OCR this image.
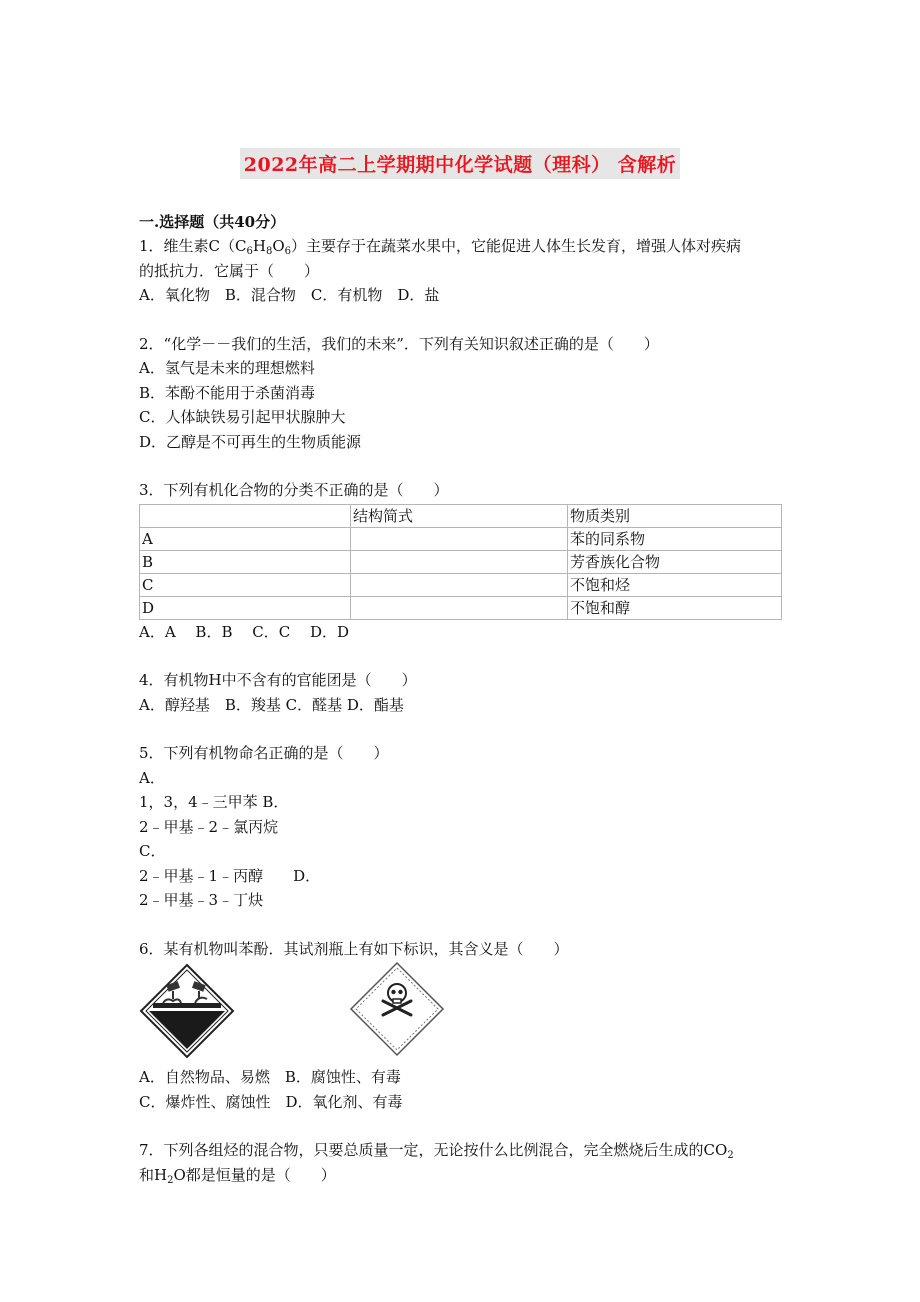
2022年高二上学期期中化学试题（理科） 含解析
一.选择题（共40分）
1．维生素$C(C_6H_8O_6)$主要存于在蔬菜水果中，它能促进人体生长发育，增强人体对疾病
的抵抗力．它属于（　　）
A．氧化物　B．混合物　C．有机物　D．盐
2．“化学－－我们的生活，我们的未来”．下列有关知识叙述正确的是（　　）
A．氢气是未来的理想燃料
B．苯酚不能用于杀菌消毒
C．人体缺铁易引起甲状腺肿大
D．乙醇是不可再生的生物质能源
3．下列有机化合物的分类不正确的是（　　）
	结构简式	物质类别
A		苯的同系物
B		芳香族化合物
C		不饱和烃
D		不饱和醇
A．A　 B．B　 C．C　 D．D
4．有机物H中不含有的官能团是（　　）
A．醇羟基　B．羧基 C．醛基 D．酯基
5．下列有机物命名正确的是（　　）
A．
1，3，4﹣三甲苯 B．
2﹣甲基﹣2﹣氯丙烷
C．
2﹣甲基﹣1﹣丙醇　　D．
2﹣甲基﹣3﹣丁炔
6．某有机物叫苯酚．其试剂瓶上有如下标识，其含义是（　　）
A．自然物品、易燃　B．腐蚀性、有毒
C．爆炸性、腐蚀性　D．氧化剂、有毒
7．下列各组烃的混合物，只要总质量一定，无论按什么比例混合，完全燃烧后生成的$CO_2$
和$H_2O$都是恒量的是（　　）
